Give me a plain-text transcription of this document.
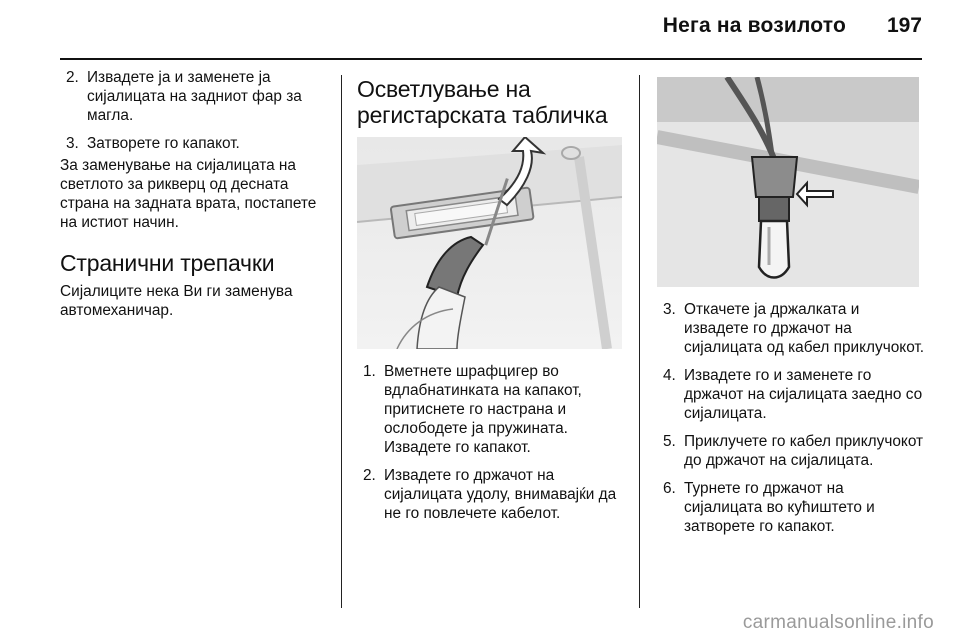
Нега на возилото 197
2. Извадете ја и заменете ја сијалицата на задниот фар за магла.
3. Затворете го капакот.

За заменување на сијалицата на светлото за рикверц од десната страна на задната врата, постапете на истиот начин.

Странични трепачки

Сијалиците нека Ви ги заменува автомеханичар.

Осветлување на регистарската табличка
1. Вметнете шрафцигер во вдлабнатинката на капакот, притиснете го настрана и ослободете ја пружината. Извадете го капакот.
2. Извадете го држачот на сијалицата удолу, внимавајќи да не го повлечете кабелот.
3. Откачете ја држалката и извадете го држачот на сијалицата од кабел приклучокот.
4. Извадете го и заменете го држачот на сијалицата заедно со сијалицата.
5. Приклучете го кабел приклучокот до држачот на сијалицата.
6. Турнете го држачот на сијалицата во кућиштето и затворете го капакот.
carmanualsonline.info
